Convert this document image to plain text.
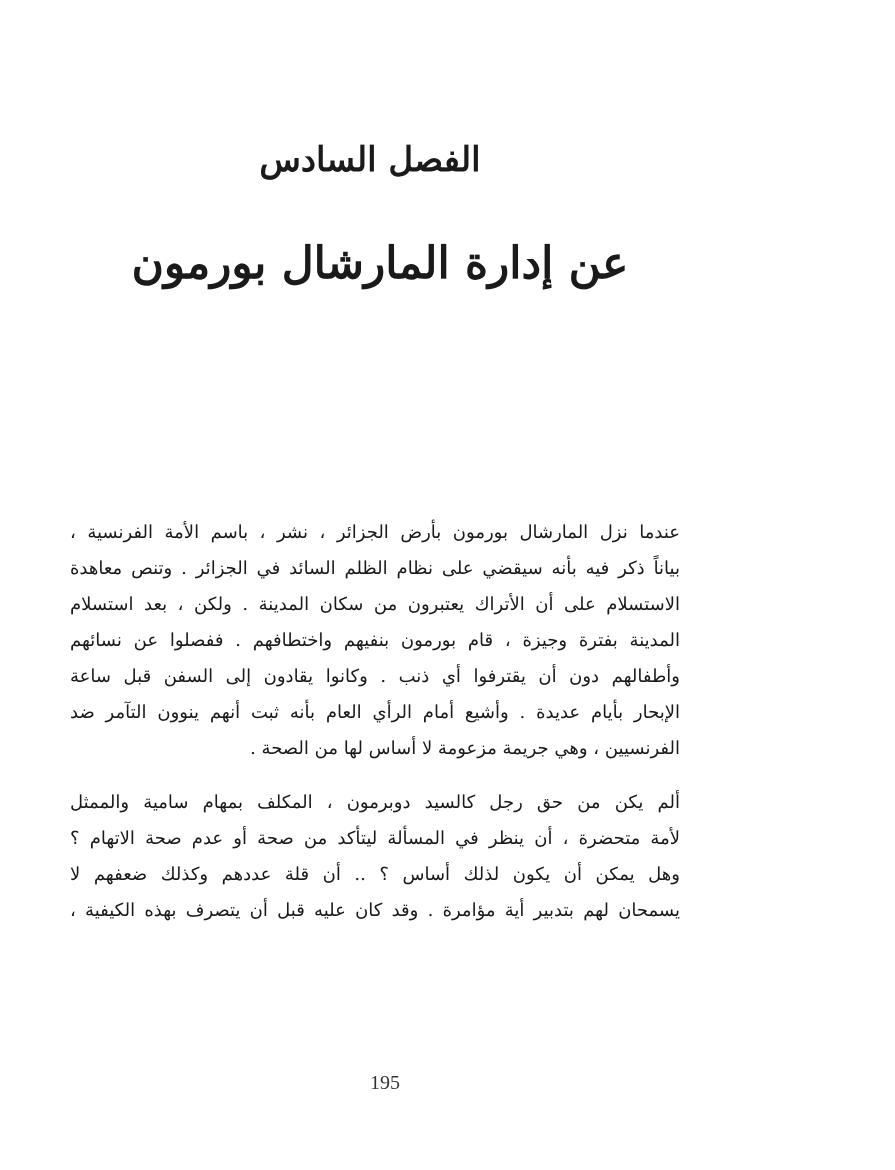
الفصل السادس
عن إدارة المارشال بورمون

عندما نزل المارشال بورمون بأرض الجزائر ، نشر ، باسم الأمة الفرنسية ،
بياناً ذكر فيه بأنه سيقضي على نظام الظلم السائد في الجزائر . وتنص معاهدة
الاستسلام على أن الأتراك يعتبرون من سكان المدينة . ولكن ، بعد استسلام
المدينة بفترة وجيزة ، قام بورمون بنفيهم واختطافهم . ففصلوا عن نسائهم
وأطفالهم دون أن يقترفوا أي ذنب . وكانوا يقادون إلى السفن قبل ساعة
الإبحار بأيام عديدة . وأشيع أمام الرأي العام بأنه ثبت أنهم ينوون التآمر ضد
الفرنسيين ، وهي جريمة مزعومة لا أساس لها من الصحة .

ألم يكن من حق رجل كالسيد دوبرمون ، المكلف بمهام سامية والممثل
لأمة متحضرة ، أن ينظر في المسألة ليتأكد من صحة أو عدم صحة الاتهام ؟
وهل يمكن أن يكون لذلك أساس ؟ .. أن قلة عددهم وكذلك ضعفهم لا
يسمحان لهم بتدبير أية مؤامرة . وقد كان عليه قبل أن يتصرف بهذه الكيفية ،

195
